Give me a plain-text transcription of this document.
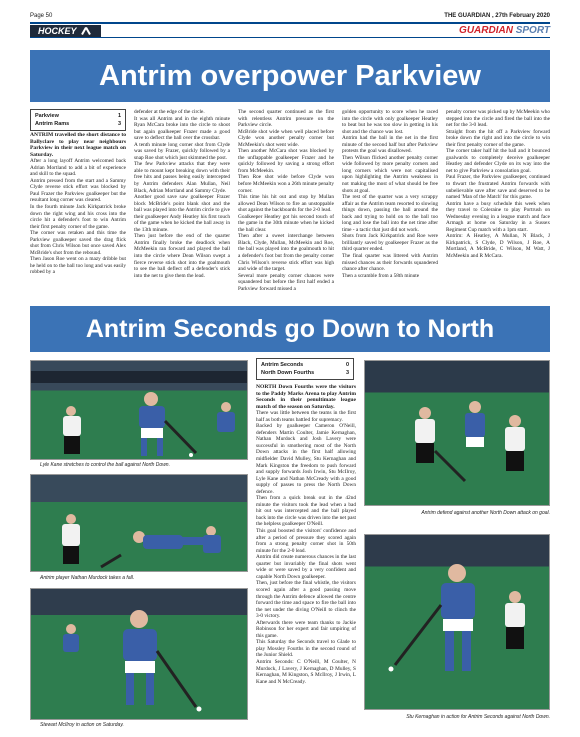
Page 50	THE GUARDIAN , 27th February 2020
HOCKEY	GUARDIAN SPORT
Antrim overpower Parkview
Parkview	1
Antrim Rams	3

ANTRIM travelled the short distance to Ballyclare to play near neighbours Parkview in their next league match on Saturday.

After a long layoff Antrim welcomed back Adrian Mortland to add a bit of experience and skill to the squad.

Antrim pressed from the start and a Sammy Clyde reverse stick effort was blocked by Paul Frazer the Parkview goalkeeper but the resultant long corner was cleared.

In the fourth minute Jack Kirkpatrick broke down the right wing and his cross into the circle hit a defender's foot to win Antrim their first penalty corner of the game.

The corner was retaken and this time the Parkview goalkeeper saved the drag flick shot from Chris Wilson but once saved Alex McBride's shot from the rebound.

Then Jason Roe went on a mazy dribble but he held on to the ball too long and was easily robbed by a

defender at the edge of the circle.

It was all Antrim and in the eighth minute Ryan McCara broke into the circle to shoot but again goalkeeper Frazer made a good save to deflect the ball over the crossbar.

A tenth minute long corner shot from Clyde was saved by Frazer, quickly followed by a snap Roe shot which just skimmed the post.

The few Parkview attacks that they were able to mount kept breaking down with their free hits and passes being easily intercepted by Antrim defenders Alan Mullan, Neil Black, Adrian Mortland and Sammy Clyde.

Another good save saw goalkeeper Frazer block McBride's point blank shot and the ball was played into the Antrim circle to give their goalkeeper Andy Heatley his first touch of the game when he kicked the ball away in the 13th minute.

Then just before the end of the quarter Antrim finally broke the deadlock when McMeekin ran forward and played the ball into the circle where Dean Wilson swept a fierce reverse stick shot into the goalmouth to see the ball deflect off a defender's stick into the net to give them the lead.

The second quarter continued as the first with relentless Antrim pressure on the Parkview circle.

McBride shot wide when well placed before Clyde won another penalty corner but McMeekin's shot went wide.

Then another McCara shot was blocked by the unflappable goalkeeper Frazer and he quickly followed by saving a strong effort from McMeekin.

Then Roe shot wide before Clyde won before McMeekin won a 26th minute penalty corner.

This time his hit out and stop by Mullan allowed Dean Wilson to fire an unstoppable shot against the backboards for the 2-0 lead.

Goalkeeper Heatley got his second touch of the game in the 30th minute when he kicked the ball clear.

Then after a sweet interchange between Black, Clyde, Mullan, McMeekin and Roe, the ball was played into the goalmouth to hit a defender's foot but from the penalty corner Chris Wilson's reverse stick effort was high and wide of the target.

Several more penalty corner chances were squandered but before the first half ended a Parkview forward missed a

golden opportunity to score when he raced into the circle with only goalkeeper Heatley to beat but he was too slow in getting in his shot and the chance was lost.

Antrim had the ball in the net in the first minute of the second half but after Parkview protests the goal was disallowed.

Then Wilson flicked another penalty corner wide followed by more penalty corners and long corners which were not capitalised upon highlighting the Antrim weakness in not making the most of what should be free shots at goal.

The rest of the quarter was a very scrappy affair as the Antrim team resorted to slowing things down, passing the ball around the back and trying to hold on to the ball too long and lose the ball into the net time after time - a tactic that just did not work.

Shots from Jack Kirkpatrick and Roe were brilliantly saved by goalkeeper Frazer as the third quarter ended.

The final quarter was littered with Antrim missed chances as their forwards squandered chance after chance.

Then a scramble from a 58th minute

penalty corner was picked up by McMeekin who stepped into the circle and fired the ball into the net for the 3-0 lead.

Straight from the hit off a Parkview forward broke down the right and into the circle to win their first penalty corner of the game.

The corner taker half hit the ball and it bounced goalwards to completely deceive goalkeeper Heatley and defender Clyde on its way into the net to give Parkview a consolation goal.

Paul Frazer, the Parkview goalkeeper, continued to thwart the frustrated Antrim forwards with unbelievable save after save and deserved to be named 'Man of the Match' for this game.

Antrim have a busy schedule this week when they travel to Coleraine to play Portrush on Wednesday evening in a league match and face Armagh at home on Saturday in a Sussex Regiment Cup match with a 1pm start.

Antrim: A Heatley, A Mullan, N Black, J Kirkpatrick, S Clyde, D Wilson, J Roe, A Mortland, A McBride, C Wilson, M Watt, J McMeekin and R McCara.

Antrim Seconds go Down to North
Lyle Kane stretches to control the ball against North Down.
Antrim player Nathan Murdock takes a fall.
Stewart McIlroy in action on Saturday.
Antrim Seconds	0
North Down Fourths	3

NORTH Down Fourths were the visitors to the Paddy Marks Arena to play Antrim Seconds in their penultimate league match of the season on Saturday.

There was little between the teams in the first half as both teams battled for supremacy.

Backed by goalkeeper Cameron O'Neill, defenders Martin Coulter, Jamie Kernaghan, Nathan Murdock and Josh Lavery were successful in smothering most of the North Down attacks in the first half allowing midfielder David Mulley, Stu Kernaghan and Mark Kingston the freedom to push forward and supply forwards Josh Irwin, Stu McIlroy, Lyle Kane and Nathan McCready with a good supply of passes to press the North Down defence.

Then from a quick break out in the 42nd minute the visitors took the lead when a bad hit out was intercepted and the ball played back into the circle was driven into the net past the helpless goalkeeper O'Neill.

This goal boosted the visitors' confidence and after a period of pressure they scored again from a strong penalty corner shot in 50th minute for the 2-0 lead.

Antrim did create numerous chances in the last quarter but invariably the final shots went wide or were saved by a very confident and capable North Down goalkeeper.

Then, just before the final whistle, the visitors scored again after a good passing move through the Antrim defence allowed the centre forward the time and space to fire the ball into the net under the diving O'Neill to clinch the 3-0 victory.

Afterwards there were team thanks to Jackie Robinson for her expert and fair umpiring of this game.

This Saturday the Seconds travel to Glade to play Mossley Fourths in the second round of the Junior Shield.

Antrim Seconds: C O'Neill, M Coulter, N Murdock, J Lavery, J Kernaghan, D Mulley, S Kernaghan, M Kingston, S McIlroy, J Irwin, L Kane and N McCready.

Antrim defend against another North Down attack on goal.
Stu Kernaghan in action for Antrim Seconds against North Down.
